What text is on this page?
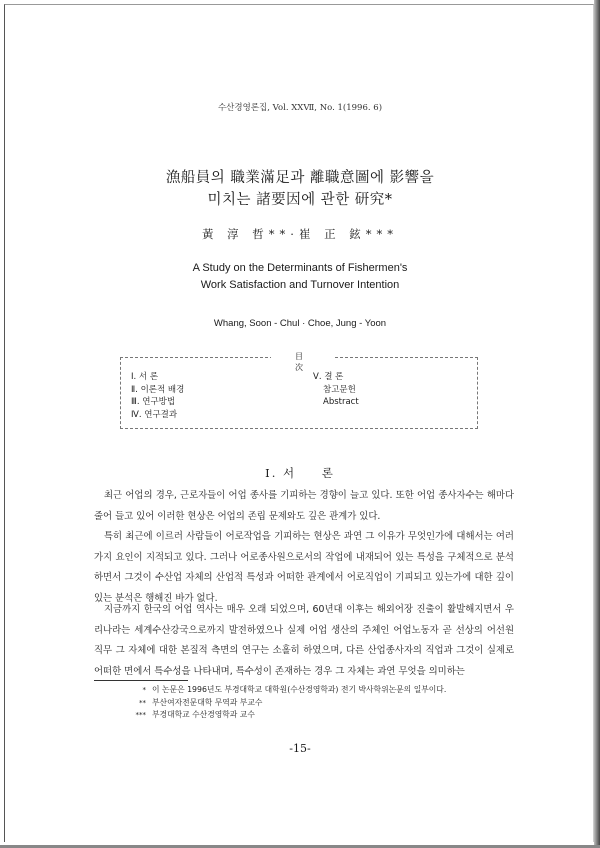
수산경영론집, Vol. ⅩⅩⅦ, No. 1(1996. 6)
漁船員의 職業滿足과 離職意圖에 影響을
미치는 諸要因에 관한 研究*
黃 淳 哲**·崔 正 鉉***
A Study on the Determinants of Fishermen's
Work Satisfaction and Turnover Intention
Whang, Soon - Chul · Choe, Jung - Yoon
目 次
Ⅰ. 서 론
Ⅱ. 이론적 배경
Ⅲ. 연구방법
Ⅳ. 연구결과
Ⅴ. 결 론
참고문헌
Abstract
Ⅰ. 서 론

최근 어업의 경우, 근로자들이 어업 종사를 기피하는 경향이 늘고 있다. 또한 어업 종사자수는 해마다 줄어 들고 있어 이러한 현상은 어업의 존립 문제와도 깊은 관계가 있다.

특히 최근에 이르러 사람들이 어로작업을 기피하는 현상은 과연 그 이유가 무엇인가에 대해서는 여러 가지 요인이 지적되고 있다. 그러나 어로종사원으로서의 작업에 내재되어 있는 특성을 구체적으로 분석하면서 그것이 수산업 자체의 산업적 특성과 어떠한 관계에서 어로직업이 기피되고 있는가에 대한 깊이 있는 분석은 행해진 바가 없다.

지금까지 한국의 어업 역사는 매우 오래 되었으며, 60년대 이후는 해외어장 진출이 활발해지면서 우리나라는 세계수산강국으로까지 발전하였으나 실제 어업 생산의 주체인 어업노동자 곧 선상의 어선원 직무 그 자체에 대한 본질적 측면의 연구는 소홀히 하였으며, 다른 산업종사자의 직업과 그것이 실제로 어떠한 면에서 특수성을 나타내며, 특수성이 존재하는 경우 그 자체는 과연 무엇을 의미하는

* 이 논문은 1996년도 부경대학교 대학원(수산경영학과) 전기 박사학위논문의 일부이다.
** 부산여자전문대학 무역과 부교수
*** 부경대학교 수산경영학과 교수
-15-
